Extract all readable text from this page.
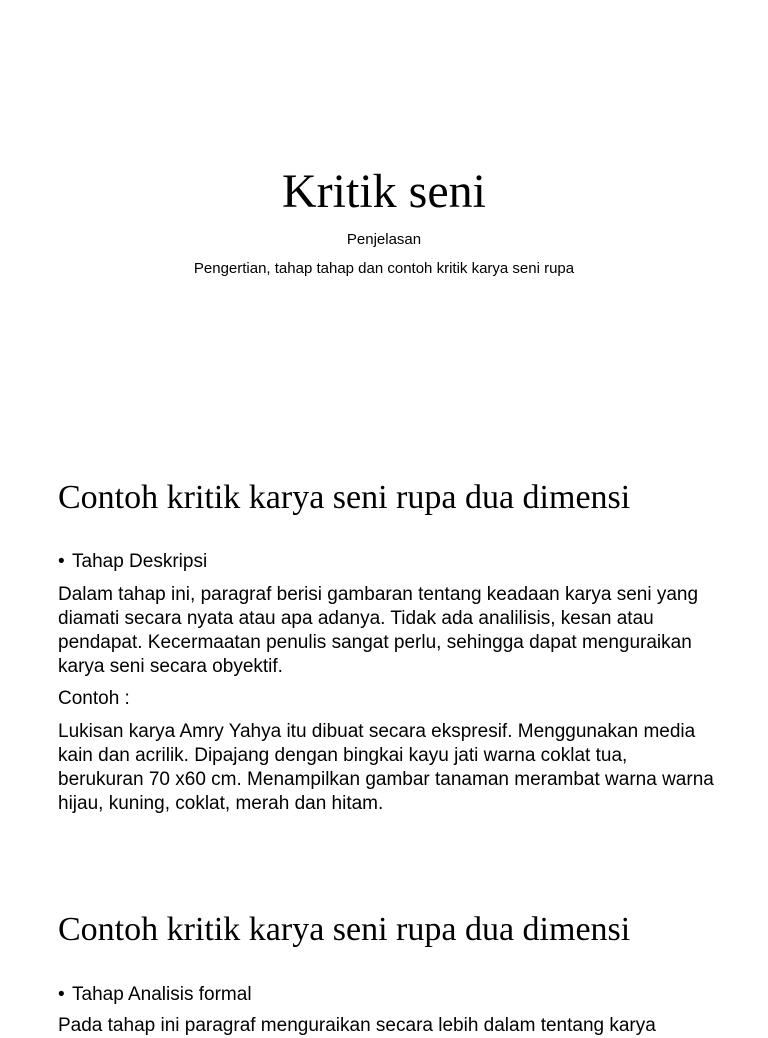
Kritik seni
Penjelasan
Pengertian, tahap tahap dan contoh kritik karya seni rupa
Contoh kritik karya seni rupa dua dimensi
• Tahap Deskripsi
Dalam tahap ini, paragraf berisi gambaran tentang keadaan karya seni yang diamati secara nyata atau apa adanya. Tidak ada analilisis, kesan atau pendapat. Kecermaatan penulis sangat perlu, sehingga dapat menguraikan karya seni secara obyektif.
Contoh :
Lukisan karya Amry Yahya itu dibuat secara ekspresif. Menggunakan media kain dan acrilik. Dipajang dengan bingkai kayu jati warna coklat tua, berukuran 70 x60 cm. Menampilkan gambar tanaman merambat warna warna hijau, kuning, coklat, merah dan hitam.
Contoh kritik karya seni rupa dua dimensi
• Tahap Analisis formal
Pada tahap ini paragraf menguraikan secara lebih dalam tentang karya
